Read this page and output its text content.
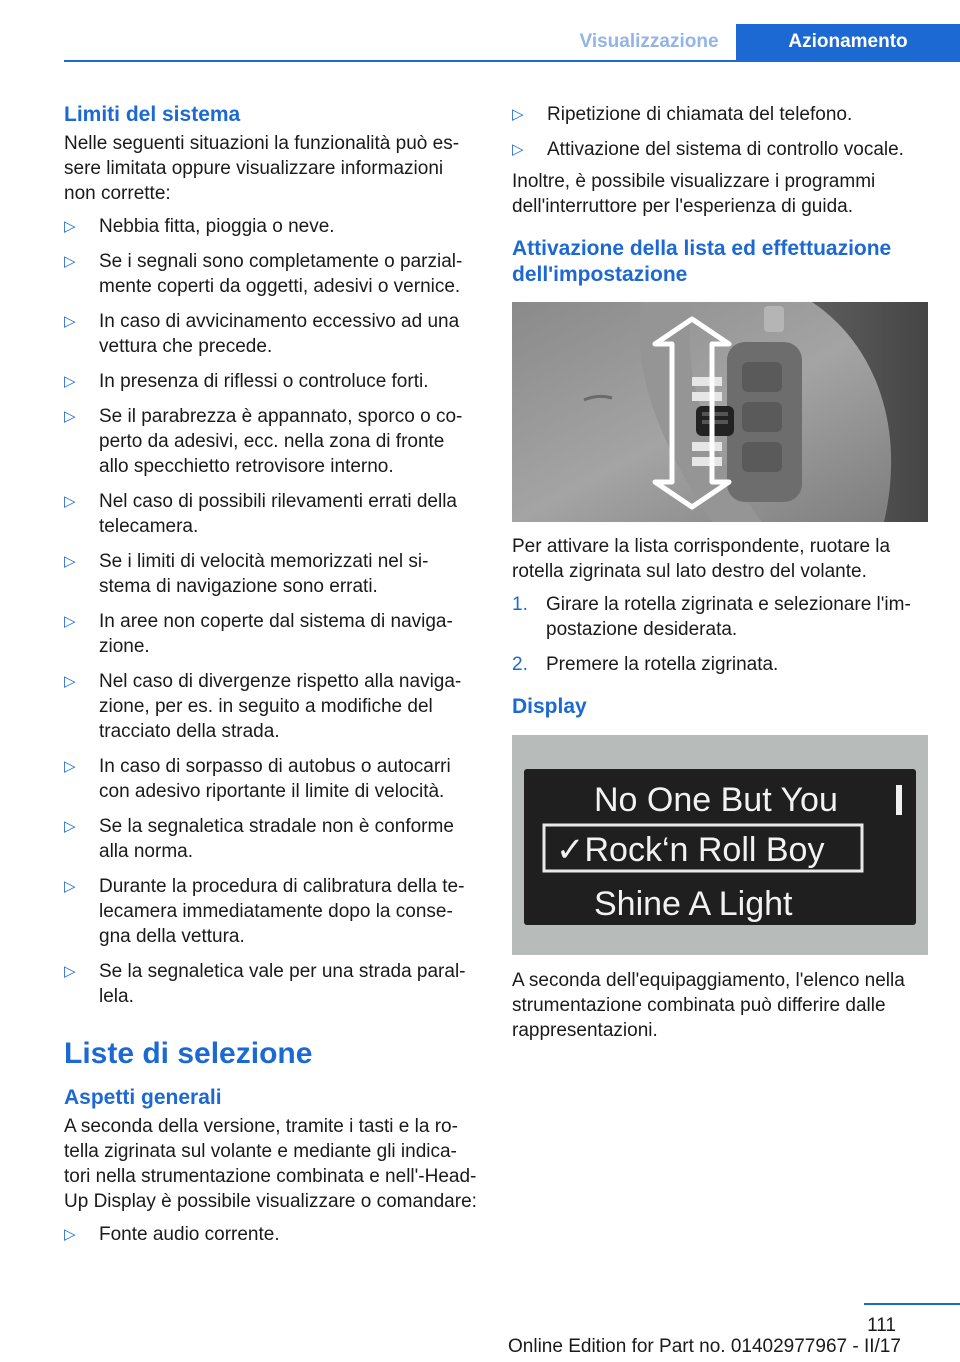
Visualizzazione	Azionamento
Limiti del sistema

Nelle seguenti situazioni la funzionalità può es‐sere limitata oppure visualizzare informazioni non corrette:

▷ Nebbia fitta, pioggia o neve.
▷ Se i segnali sono completamente o parzial‐mente coperti da oggetti, adesivi o vernice.
▷ In caso di avvicinamento eccessivo ad una vettura che precede.
▷ In presenza di riflessi o controluce forti.
▷ Se il parabrezza è appannato, sporco o co‐perto da adesivi, ecc. nella zona di fronte allo specchietto retrovisore interno.
▷ Nel caso di possibili rilevamenti errati della telecamera.
▷ Se i limiti di velocità memorizzati nel si‐stema di navigazione sono errati.
▷ In aree non coperte dal sistema di naviga‐zione.
▷ Nel caso di divergenze rispetto alla naviga‐zione, per es. in seguito a modifiche del tracciato della strada.
▷ In caso di sorpasso di autobus o autocarri con adesivo riportante il limite di velocità.
▷ Se la segnaletica stradale non è conforme alla norma.
▷ Durante la procedura di calibratura della te‐lecamera immediatamente dopo la conse‐gna della vettura.
▷ Se la segnaletica vale per una strada paral‐lela.
Liste di selezione
Aspetti generali

A seconda della versione, tramite i tasti e la ro‐tella zigrinata sul volante e mediante gli indica‐tori nella strumentazione combinata e nell'‐Head-Up Display è possibile visualizzare o comandare:

▷ Fonte audio corrente.
▷ Ripetizione di chiamata del telefono.
▷ Attivazione del sistema di controllo vocale.

Inoltre, è possibile visualizzare i programmi dell'interruttore per l'esperienza di guida.

Attivazione della lista ed effettuazione dell'impostazione

Per attivare la lista corrispondente, ruotare la rotella zigrinata sul lato destro del volante.

1. Girare la rotella zigrinata e selezionare l'im‐postazione desiderata.
2. Premere la rotella zigrinata.
Display
No One But You
✓Rock‘n Roll Boy
Shine A Light

A seconda dell'equipaggiamento, l'elenco nella strumentazione combinata può differire dalle rappresentazioni.

111
Online Edition for Part no. 01402977967 - II/17
